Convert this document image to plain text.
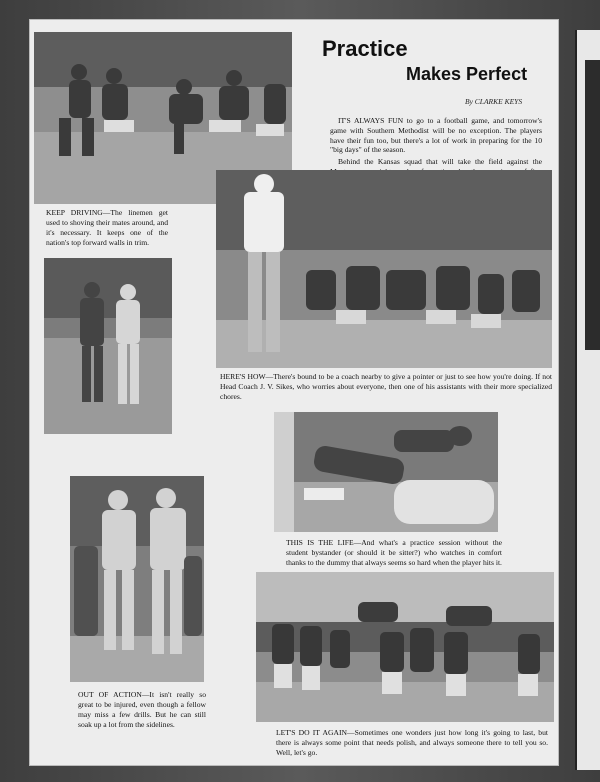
Practice
Makes Perfect
By CLARKE KEYS

IT'S ALWAYS FUN to go to a football game, and tomorrow's game with Southern Methodist will be no exception. The players have their fun too, but there's a lot of work in preparing for the 10 "big days" of the season.

Behind the Kansas squad that will take the field against the

KEEP DRIVING—The linemen get used to shoving their mates around, and it's necessary. It keeps one of the nation's top forward walls in trim.
HERE'S HOW—There's bound to be a coach nearby to give a pointer or just to see how you're doing. If not Head Coach J. V. Sikes, who worries about everyone, then one of his assistants with their more specialized chores.
THIS IS THE LIFE—And what's a practice session without the student bystander (or should it be sitter?) who watches in comfort thanks to the dummy that always seems so hard when the player hits it.
OUT OF ACTION—It isn't really so great to be injured, even though a fellow may miss a few drills. But he can still soak up a lot from the sidelines.
LET'S DO IT AGAIN—Sometimes one wonders just how long it's going to last, but there is always some point that needs polish, and always someone there to tell you so. Well, let's go.
